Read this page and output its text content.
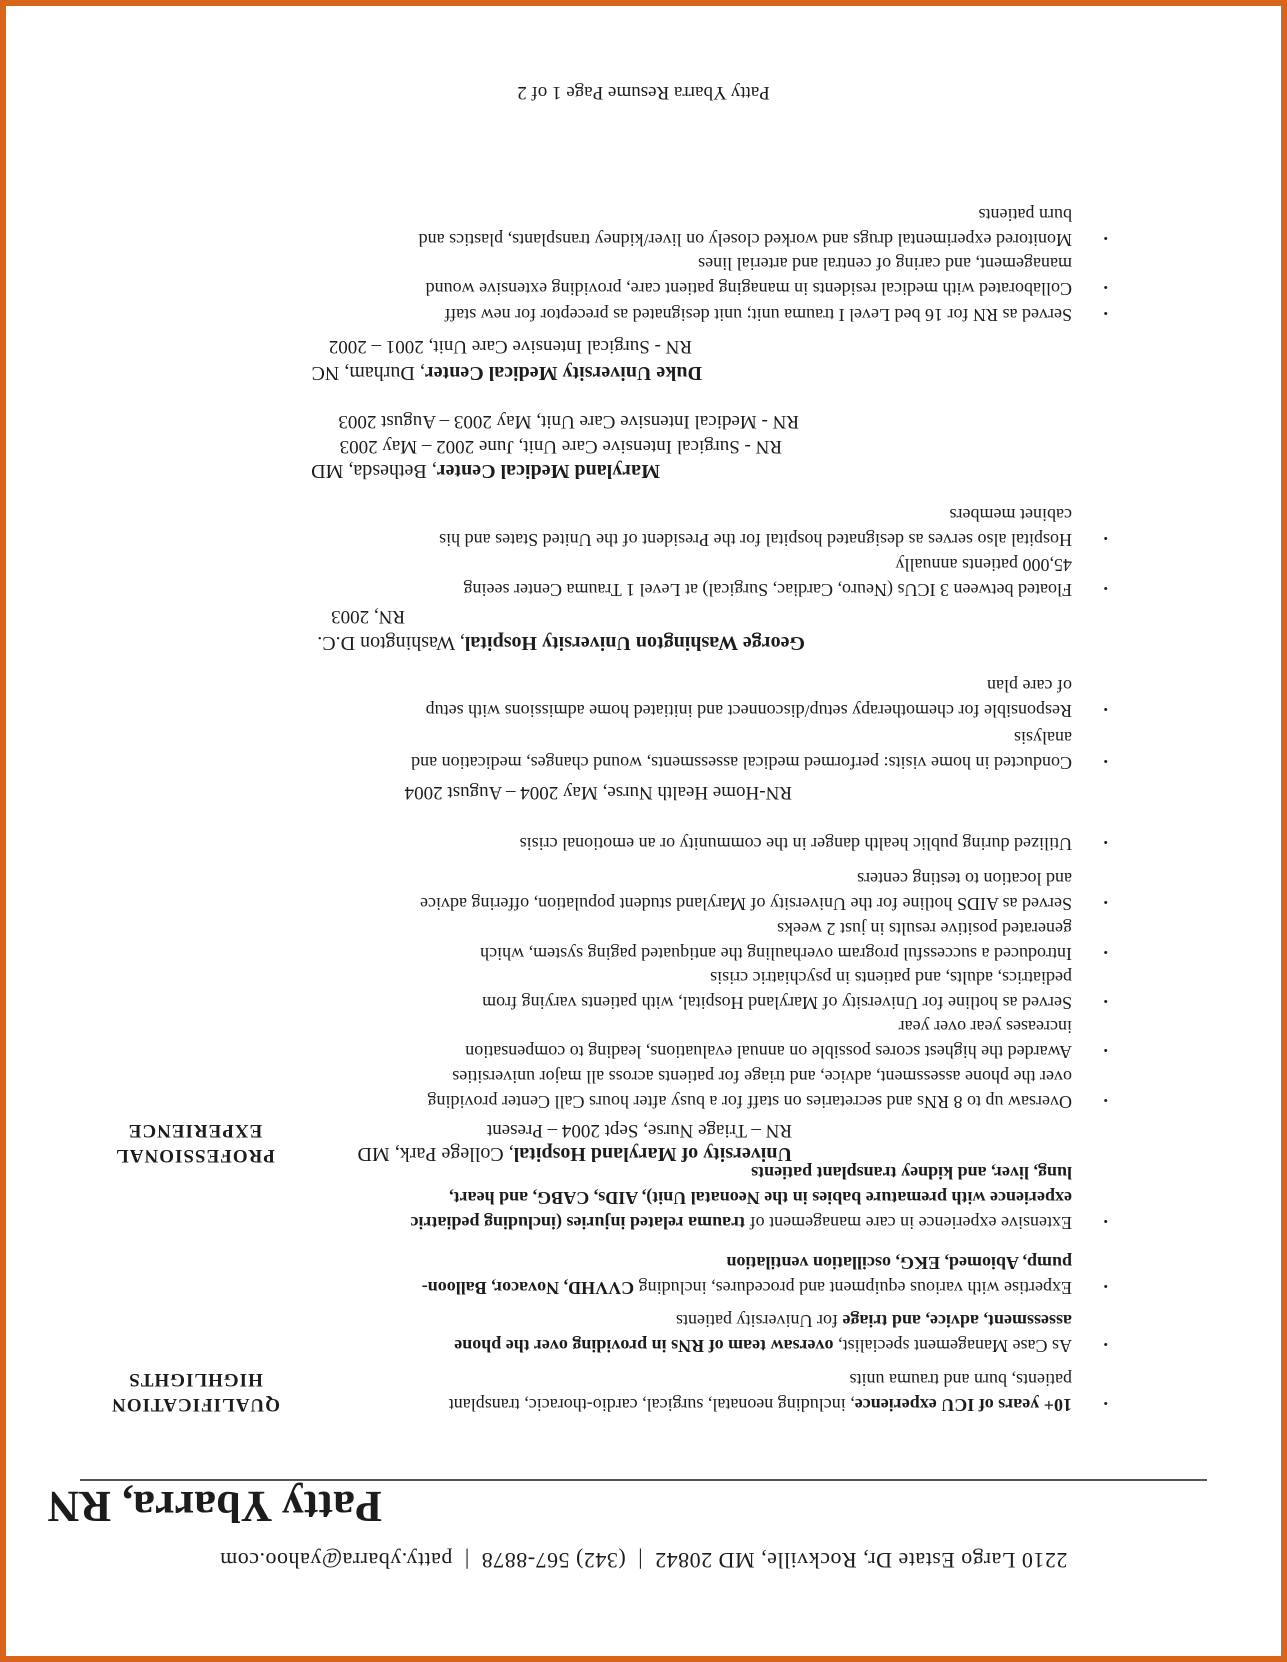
2210 Largo Estate Dr, Rockville, MD 20842|(342) 567-8878|patty.ybarra@yahoo.com
Patty Ybarra, RN
QUALIFICATION
HIGHLIGHTS
PROFESSIONAL
EXPERIENCE
•
10+ years of ICU experience, including neonatal, surgical, cardio-thoracic, transplant
patients, burn and trauma units
•
As Case Management specialist, oversaw team of RNs in providing over the phone
assessment, advice, and triage for University patients
•
Expertise with various equipment and procedures, including CVVHD, Novacor, Balloon-
pump, Abiomed, EKG, oscillation ventilation
•
Extensive experience in care management of trauma related injuries (including pediatric
experience with premature babies in the Neonatal Unit), AIDs, CABG, and heart,
lung, liver, and kidney transplant patients
University of Maryland Hospital, College Park, MD
RN – Triage Nurse, Sept 2004 – Present
•
Oversaw up to 8 RNs and secretaries on staff for a busy after hours Call Center providing
over the phone assessment, advice, and triage for patients across all major universities
•
Awarded the highest scores possible on annual evaluations, leading to compensation
increases year over year
•
Served as hotline for University of Maryland Hospital, with patients varying from
pediatrics, adults, and patients in psychiatric crisis
•
Introduced a successful program overhauling the antiquated paging system, which
generated positive results in just 2 weeks
•
Served as AIDS hotline for the University of Maryland student population, offering advice
and location to testing centers
•
Utilized during public health danger in the community or an emotional crisis
RN-Home Health Nurse, May 2004 – August 2004
•
Conducted in home visits: performed medical assessments, wound changes, medication and
analysis
•
Responsible for chemotherapy setup/disconnect and initiated home admissions with setup
of care plan
George Washington University Hospital, Washington D.C.
RN, 2003
•
Floated between 3 ICUs (Neuro, Cardiac, Surgical) at Level 1 Trauma Center seeing
45,000 patients annually
•
Hospital also serves as designated hospital for the President of the United States and his
cabinet members
Maryland Medical Center, Bethesda, MD
RN - Surgical Intensive Care Unit, June 2002 – May 2003
RN - Medical Intensive Care Unit, May 2003 – August 2003
Duke University Medical Center, Durham, NC
RN - Surgical Intensive Care Unit, 2001 – 2002
•
Served as RN for 16 bed Level I trauma unit; unit designated as preceptor for new staff
•
Collaborated with medical residents in managing patient care, providing extensive wound
management, and caring of central and arterial lines
•
Monitored experimental drugs and worked closely on liver/kidney transplants, plastics and
burn patients
Patty Ybarra Resume Page 1 of 2
